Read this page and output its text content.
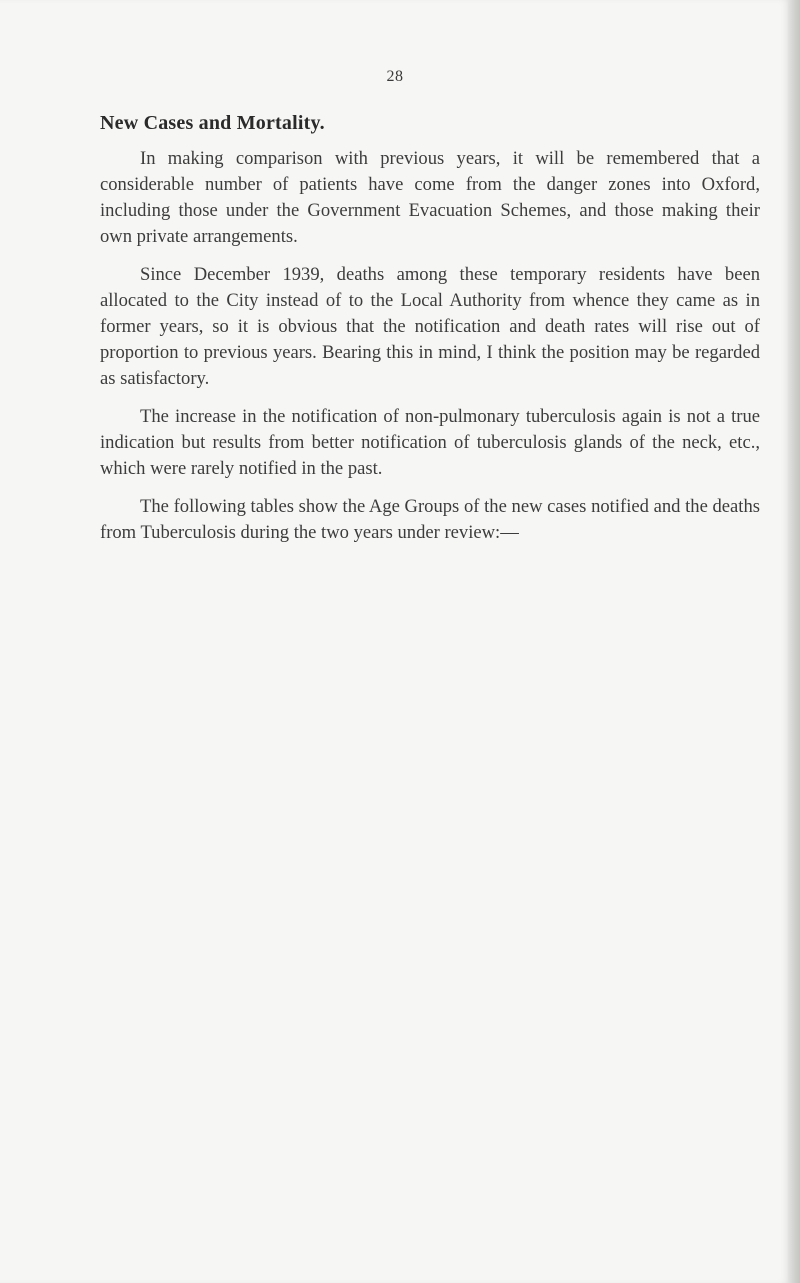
28
New Cases and Mortality.

In making comparison with previous years, it will be remembered that a considerable number of patients have come from the danger zones into Oxford, including those under the Government Evacuation Schemes, and those making their own private arrangements.

Since December 1939, deaths among these temporary residents have been allocated to the City instead of to the Local Authority from whence they came as in former years, so it is obvious that the notification and death rates will rise out of proportion to previous years. Bearing this in mind, I think the position may be regarded as satisfactory.

The increase in the notification of non-pulmonary tuberculosis again is not a true indication but results from better notification of tuberculosis glands of the neck, etc., which were rarely notified in the past.

The following tables show the Age Groups of the new cases notified and the deaths from Tuberculosis during the two years under review:—
